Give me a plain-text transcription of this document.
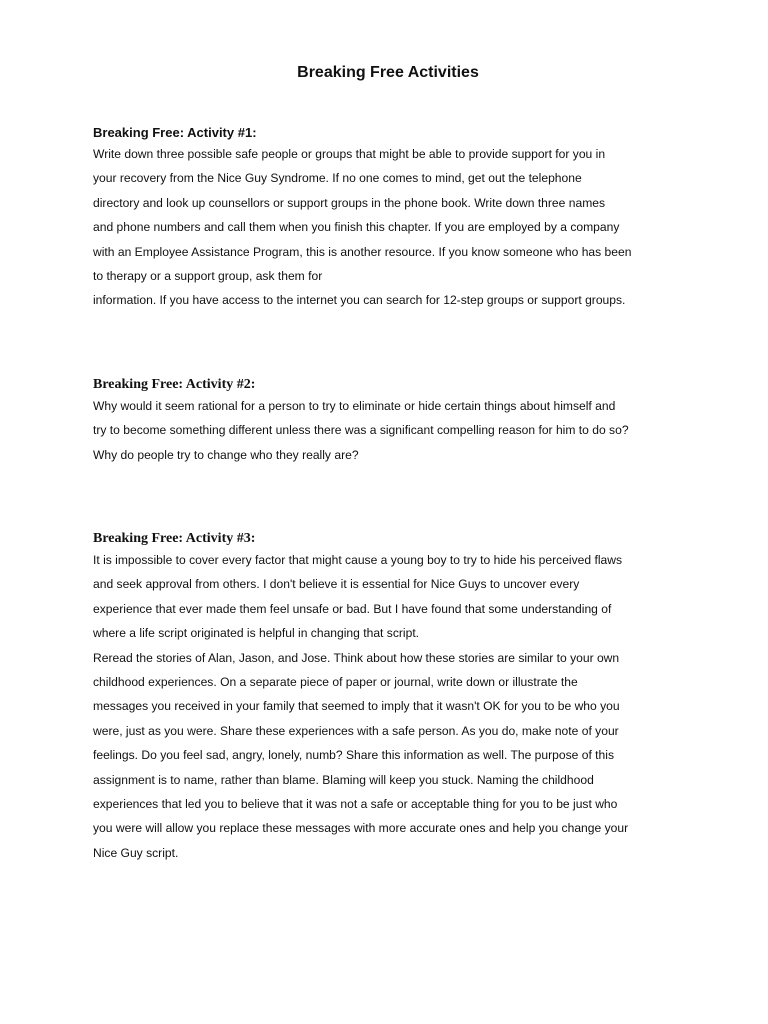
Breaking Free Activities
Breaking Free: Activity #1:

Write down three possible safe people or groups that might be able to provide support for you in
your recovery from the Nice Guy Syndrome. If no one comes to mind, get out the telephone
directory and look up counsellors or support groups in the phone book. Write down three names
and phone numbers and call them when you finish this chapter. If you are employed by a company
with an Employee Assistance Program, this is another resource. If you know someone who has been
to therapy or a support group, ask them for
information. If you have access to the internet you can search for 12-step groups or support groups.

Breaking Free: Activity #2:

Why would it seem rational for a person to try to eliminate or hide certain things about himself and
try to become something different unless there was a significant compelling reason for him to do so?
Why do people try to change who they really are?

Breaking Free: Activity #3:

It is impossible to cover every factor that might cause a young boy to try to hide his perceived flaws
and seek approval from others. I don't believe it is essential for Nice Guys to uncover every
experience that ever made them feel unsafe or bad. But I have found that some understanding of
where a life script originated is helpful in changing that script.
Reread the stories of Alan, Jason, and Jose. Think about how these stories are similar to your own
childhood experiences. On a separate piece of paper or journal, write down or illustrate the
messages you received in your family that seemed to imply that it wasn't OK for you to be who you
were, just as you were. Share these experiences with a safe person. As you do, make note of your
feelings. Do you feel sad, angry, lonely, numb? Share this information as well. The purpose of this
assignment is to name, rather than blame. Blaming will keep you stuck. Naming the childhood
experiences that led you to believe that it was not a safe or acceptable thing for you to be just who
you were will allow you replace these messages with more accurate ones and help you change your
Nice Guy script.
